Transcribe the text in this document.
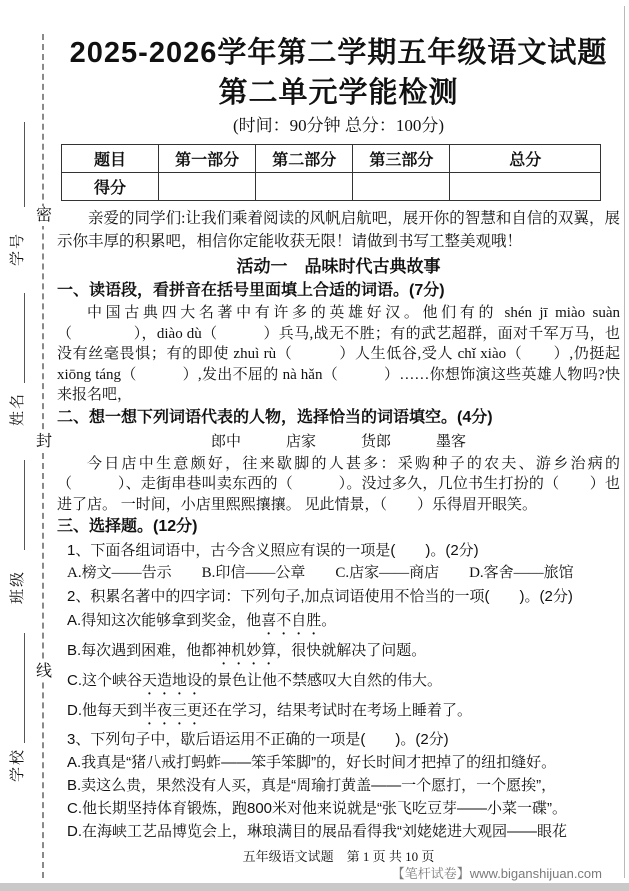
密
封
线
学号
姓名
班级
学校
2025-2026学年第二学期五年级语文试题
第二单元学能检测
(时间：90分钟 总分：100分)
题目	第一部分	第二部分	第三部分	总分
得分				

亲爱的同学们:让我们乘着阅读的风帆启航吧，展开你的智慧和自信的双翼，展示你丰厚的积累吧，相信你定能收获无限！请做到书写工整美观哦！

活动一　品味时代古典故事

一、读语段，看拼音在括号里面填上合适的词语。(7分)

中国古典四大名著中有许多的英雄好汉。他们有的 shén jī miào suàn（　　　　），diào dù（　　　）兵马,战无不胜；有的武艺超群，面对千军万马，也没有丝毫畏惧；有的即使 zhuì rù（　　　）人生低谷,受人 chǐ xiào（　　）,仍挺起 xiōng táng（　　　）,发出不屈的 nà hǎn（　　　）……你想饰演这些英雄人物吗?快来报名吧，

二、想一想下列词语代表的人物，选择恰当的词语填空。(4分)

郎中　　　店家　　　货郎　　　墨客

今日店中生意颇好，往来歇脚的人甚多：采购种子的农夫、游乡治病的（　　　）、走街串巷叫卖东西的（　　　）。没过多久，几位书生打扮的（　　）也进了店。 一时间，小店里熙熙攘攘。 见此情景，（　　）乐得眉开眼笑。

三、选择题。(12分)

1、下面各组词语中，古今含义照应有误的一项是(　　)。(2分)

A.榜文——告示　　B.印信——公章　　C.店家——商店　　D.客舍——旅馆

2、积累名著中的四字词：下列句子,加点词语使用不恰当的一项(　　)。(2分)

A.得知这次能够拿到奖金，他喜不自胜。

B.每次遇到困难，他都神机妙算，很快就解决了问题。

C.这个峡谷天造地设的景色让他不禁感叹大自然的伟大。

D.他每天到半夜三更还在学习，结果考试时在考场上睡着了。

3、下列句子中，歇后语运用不正确的一项是(　　)。(2分)

A.我真是“猪八戒打蚂蚱——笨手笨脚”的，好长时间才把掉了的纽扣缝好。

B.卖这么贵，果然没有人买，真是“周瑜打黄盖——一个愿打，一个愿挨”，

C.他长期坚持体育锻炼，跑800米对他来说就是“张飞吃豆芽——小菜一碟”。

D.在海峡工艺品博览会上，琳琅满目的展品看得我“刘姥姥进大观园——眼花

五年级语文试题　第 1 页 共 10 页
【笔杆试卷】www.biganshijuan.com
